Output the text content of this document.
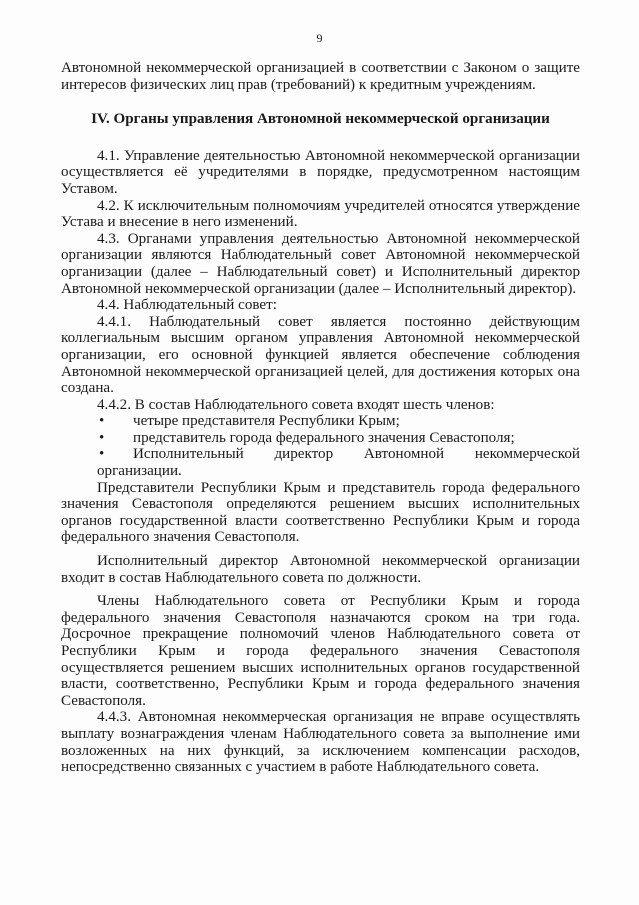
9

Автономной некоммерческой организацией в соответствии с Законом о защите интересов физических лиц прав (требований) к кредитным учреждениям.

IV. Органы управления Автономной некоммерческой организации

4.1. Управление деятельностью Автономной некоммерческой организации осуществляется её учредителями в порядке, предусмотренном настоящим Уставом.

4.2. К исключительным полномочиям учредителей относятся утверждение Устава и внесение в него изменений.

4.3. Органами управления деятельностью Автономной некоммерческой организации являются Наблюдательный совет Автономной некоммерческой организации (далее – Наблюдательный совет) и Исполнительный директор Автономной некоммерческой организации (далее – Исполнительный директор).

4.4. Наблюдательный совет:

4.4.1. Наблюдательный совет является постоянно действующим коллегиальным высшим органом управления Автономной некоммерческой организации, его основной функцией является обеспечение соблюдения Автономной некоммерческой организацией целей, для достижения которых она создана.

4.4.2. В состав Наблюдательного совета входят шесть членов:

• четыре представителя Республики Крым;
• представитель города федерального значения Севастополя;
• Исполнительный директор Автономной некоммерческой
организации.

Представители Республики Крым и представитель города федерального значения Севастополя определяются решением высших исполнительных органов государственной власти соответственно Республики Крым и города федерального значения Севастополя.

Исполнительный директор Автономной некоммерческой организации входит в состав Наблюдательного совета по должности.

Члены Наблюдательного совета от Республики Крым и города федерального значения Севастополя назначаются сроком на три года. Досрочное прекращение полномочий членов Наблюдательного совета от Республики Крым и города федерального значения Севастополя осуществляется решением высших исполнительных органов государственной власти, соответственно, Республики Крым и города федерального значения Севастополя.

4.4.3. Автономная некоммерческая организация не вправе осуществлять выплату вознаграждения членам Наблюдательного совета за выполнение ими возложенных на них функций, за исключением компенсации расходов, непосредственно связанных с участием в работе Наблюдательного совета.
